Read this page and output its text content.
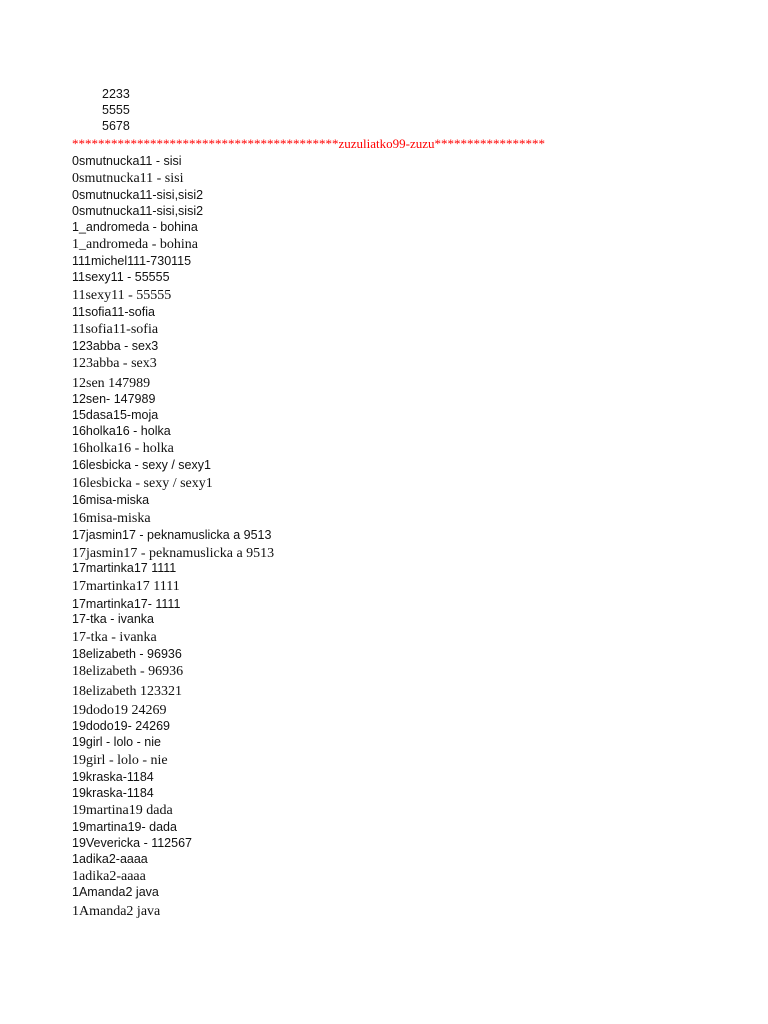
2233
5555
5678
*****************************************zuzuliatko99-zuzu*****************
0smutnucka11 - sisi
0smutnucka11 - sisi
0smutnucka11-sisi,sisi2
0smutnucka11-sisi,sisi2
1_andromeda - bohina
1_andromeda - bohina
111michel111-730115
11sexy11 - 55555
11sexy11 - 55555
11sofia11-sofia
11sofia11-sofia
123abba - sex3
123abba - sex3
12sen 147989
12sen- 147989
15dasa15-moja
16holka16 - holka
16holka16 - holka
16lesbicka - sexy / sexy1
16lesbicka - sexy / sexy1
16misa-miska
16misa-miska
17jasmin17 - peknamuslicka a 9513
17jasmin17 - peknamuslicka a 9513
17martinka17 1111
17martinka17 1111
17martinka17- 1111
17-tka - ivanka
17-tka - ivanka
18elizabeth - 96936
18elizabeth - 96936
18elizabeth 123321
19dodo19 24269
19dodo19- 24269
19girl - lolo - nie
19girl - lolo - nie
19kraska-1184
19kraska-1184
19martina19 dada
19martina19- dada
19Vevericka - 112567
1adika2-aaaa
1adika2-aaaa
1Amanda2 java
1Amanda2 java
